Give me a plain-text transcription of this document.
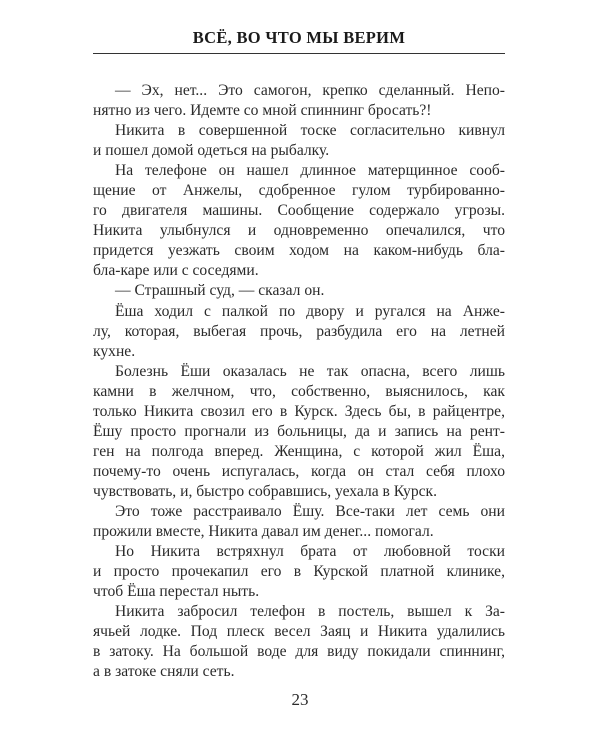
ВСЁ, ВО ЧТО МЫ ВЕРИМ
— Эх, нет... Это самогон, крепко сделанный. Непо-
нятно из чего. Идемте со мной спиннинг бросать?!
Никита в совершенной тоске согласительно кивнул
и пошел домой одеться на рыбалку.
На телефоне он нашел длинное матерщинное сооб-
щение от Анжелы, сдобренное гулом турбированно-
го двигателя машины. Сообщение содержало угрозы.
Никита улыбнулся и одновременно опечалился, что
придется уезжать своим ходом на каком-нибудь бла-
бла-каре или с соседями.
— Страшный суд, — сказал он.
Ёша ходил с палкой по двору и ругался на Анже-
лу, которая, выбегая прочь, разбудила его на летней
кухне.
Болезнь Ёши оказалась не так опасна, всего лишь
камни в желчном, что, собственно, выяснилось, как
только Никита свозил его в Курск. Здесь бы, в райцентре,
Ёшу просто прогнали из больницы, да и запись на рент-
ген на полгода вперед. Женщина, с которой жил Ёша,
почему-то очень испугалась, когда он стал себя плохо
чувствовать, и, быстро собравшись, уехала в Курск.
Это тоже расстраивало Ёшу. Все-таки лет семь они
прожили вместе, Никита давал им денег... помогал.
Но Никита встряхнул брата от любовной тоски
и просто прочекапил его в Курской платной клинике,
чтоб Ёша перестал ныть.
Никита забросил телефон в постель, вышел к За-
ячьей лодке. Под плеск весел Заяц и Никита удалились
в затоку. На большой воде для виду покидали спиннинг,
а в затоке сняли сеть.
23
